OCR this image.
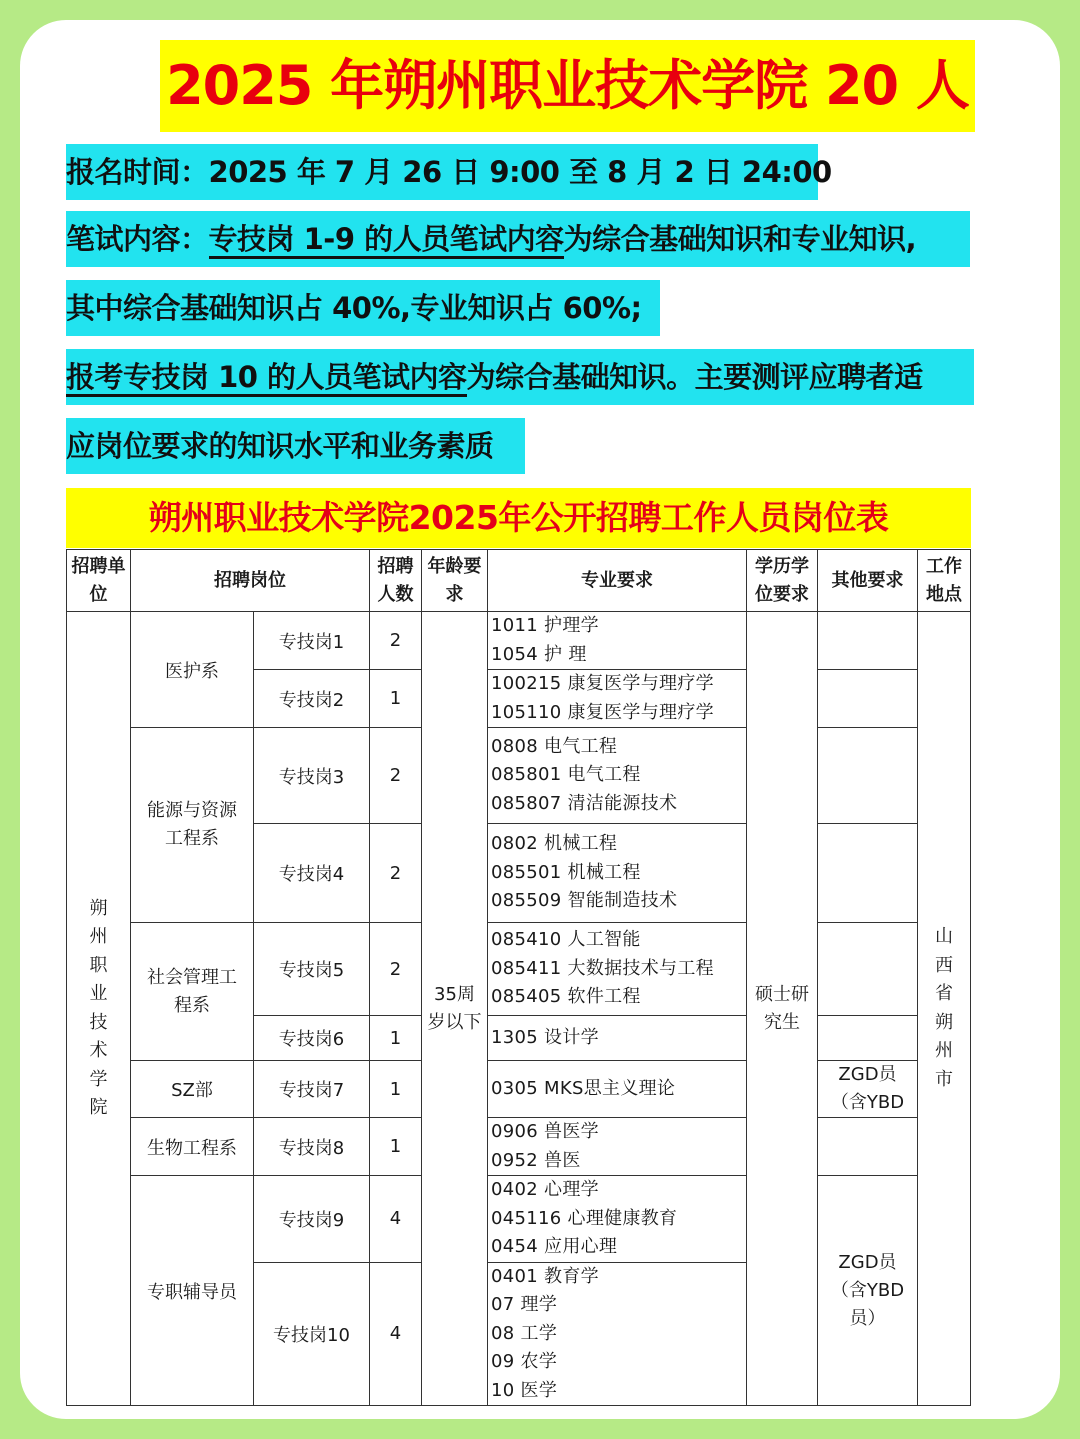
2025 年朔州职业技术学院 20 人
报名时间：2025 年 7 月 26 日 9:00 至 8 月 2 日 24:00
笔试内容：专技岗 1-9 的人员笔试内容为综合基础知识和专业知识,
其中综合基础知识占 40%,专业知识占 60%;
报考专技岗 10 的人员笔试内容为综合基础知识。主要测评应聘者适
应岗位要求的知识水平和业务素质
朔州职业技术学院2025年公开招聘工作人员岗位表
招聘单位	招聘岗位		招聘人数	年龄要求	专业要求	学历学位要求	其他要求	工作地点
朔州职业技术学院	医护系	专技岗1	2	35周岁以下	1011 护理学
1054 护 理	硕士研究生		山西省朔州市
		专技岗2	1		100215 康复医学与理疗学
105110 康复医学与理疗学			

	能源与资源工程系	专技岗3	2		0808 电气工程
085801 电气工程
085807 清洁能源技术			

		专技岗4	2		0802 机械工程
085501 机械工程
085509 智能制造技术			

	社会管理工程系	专技岗5	2		085410 人工智能
085411 大数据技术与工程
085405 软件工程			

		专技岗6	1		1305 设计学			

	SZ部	专技岗7	1		0305 MKS思主义理论		ZGD员（含YBD	
	生物工程系	专技岗8	1		0906 兽医学
0952 兽医			

	专职辅导员	专技岗9	4		0402 心理学
045116 心理健康教育
0454 应用心理		ZGD员（含YBD员）	
		专技岗10	4		0401 教育学
07 理学
08 工学
09 农学
10 医学			
